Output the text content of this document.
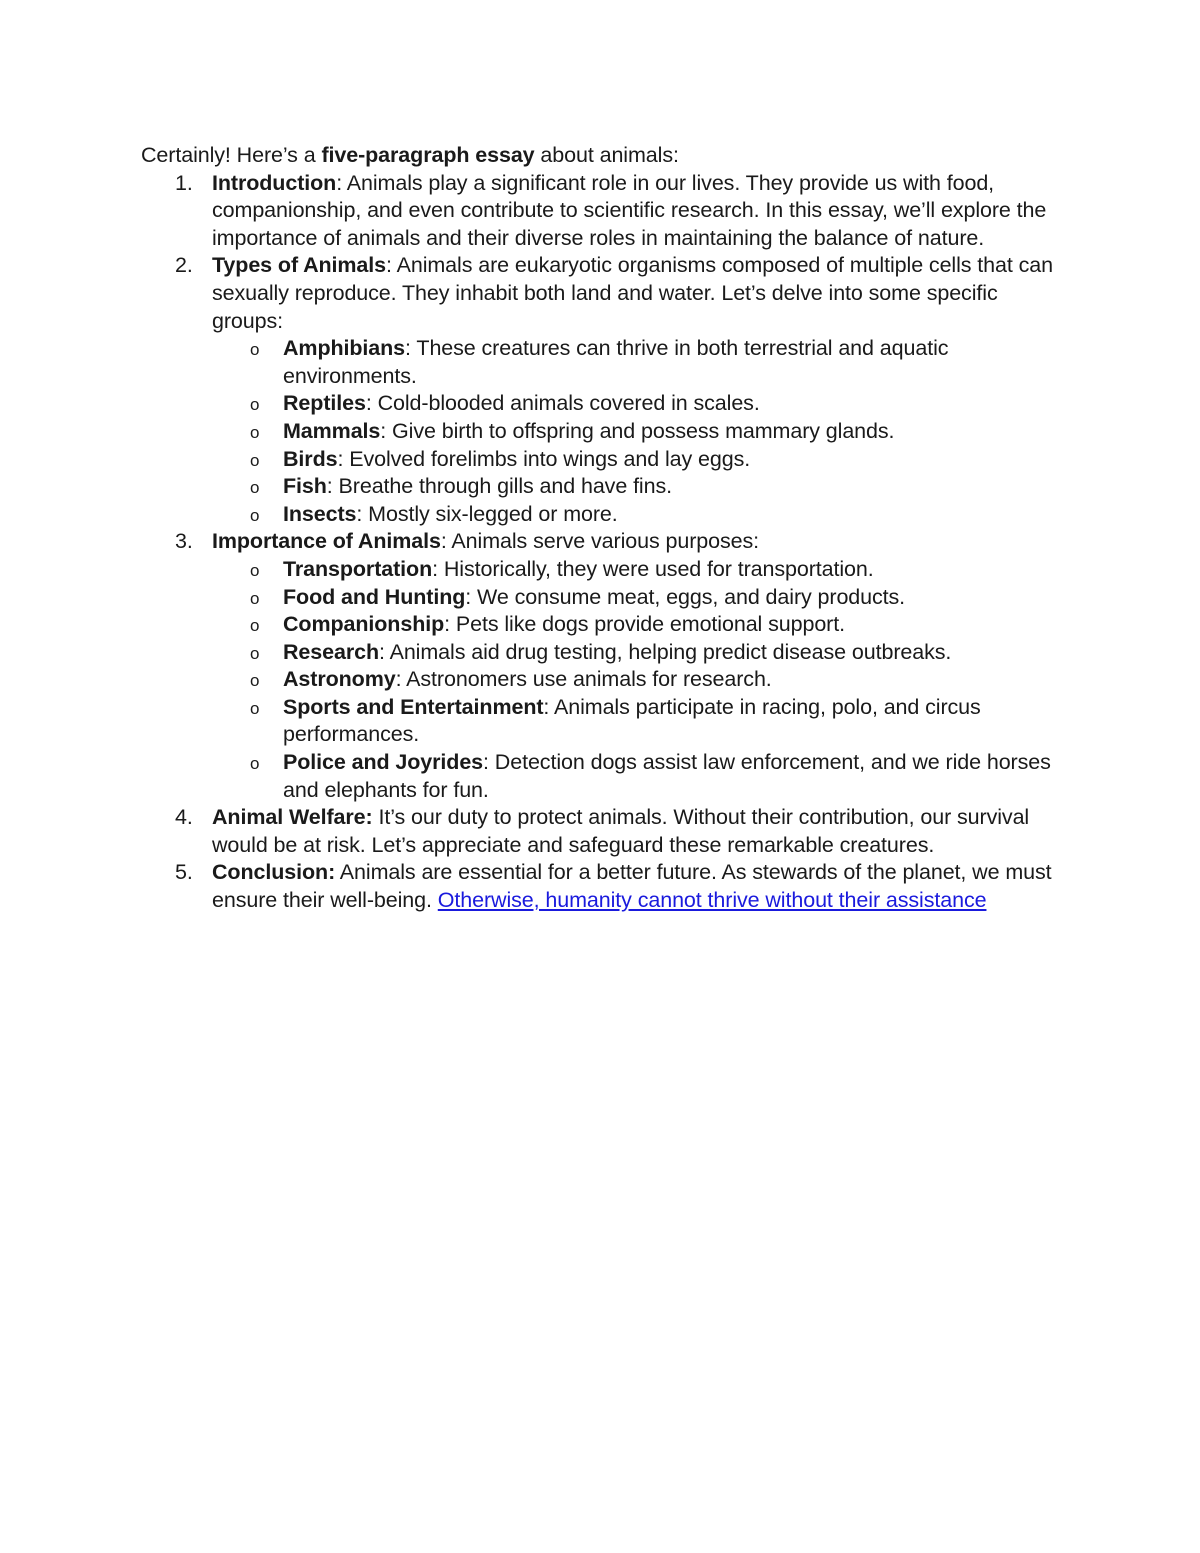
Certainly! Here’s a five-paragraph essay about animals:

1. Introduction: Animals play a significant role in our lives. They provide us with food, companionship, and even contribute to scientific research. In this essay, we’ll explore the importance of animals and their diverse roles in maintaining the balance of nature.
2. Types of Animals: Animals are eukaryotic organisms composed of multiple cells that can sexually reproduce. They inhabit both land and water. Let’s delve into some specific groups:
o Amphibians: These creatures can thrive in both terrestrial and aquatic environments.
o Reptiles: Cold-blooded animals covered in scales.
o Mammals: Give birth to offspring and possess mammary glands.
o Birds: Evolved forelimbs into wings and lay eggs.
o Fish: Breathe through gills and have fins.
o Insects: Mostly six-legged or more.
3. Importance of Animals: Animals serve various purposes:
o Transportation: Historically, they were used for transportation.
o Food and Hunting: We consume meat, eggs, and dairy products.
o Companionship: Pets like dogs provide emotional support.
o Research: Animals aid drug testing, helping predict disease outbreaks.
o Astronomy: Astronomers use animals for research.
o Sports and Entertainment: Animals participate in racing, polo, and circus performances.
o Police and Joyrides: Detection dogs assist law enforcement, and we ride horses and elephants for fun.
4. Animal Welfare: It’s our duty to protect animals. Without their contribution, our survival would be at risk. Let’s appreciate and safeguard these remarkable creatures.
5. Conclusion: Animals are essential for a better future. As stewards of the planet, we must ensure their well-being. Otherwise, humanity cannot thrive without their assistance
